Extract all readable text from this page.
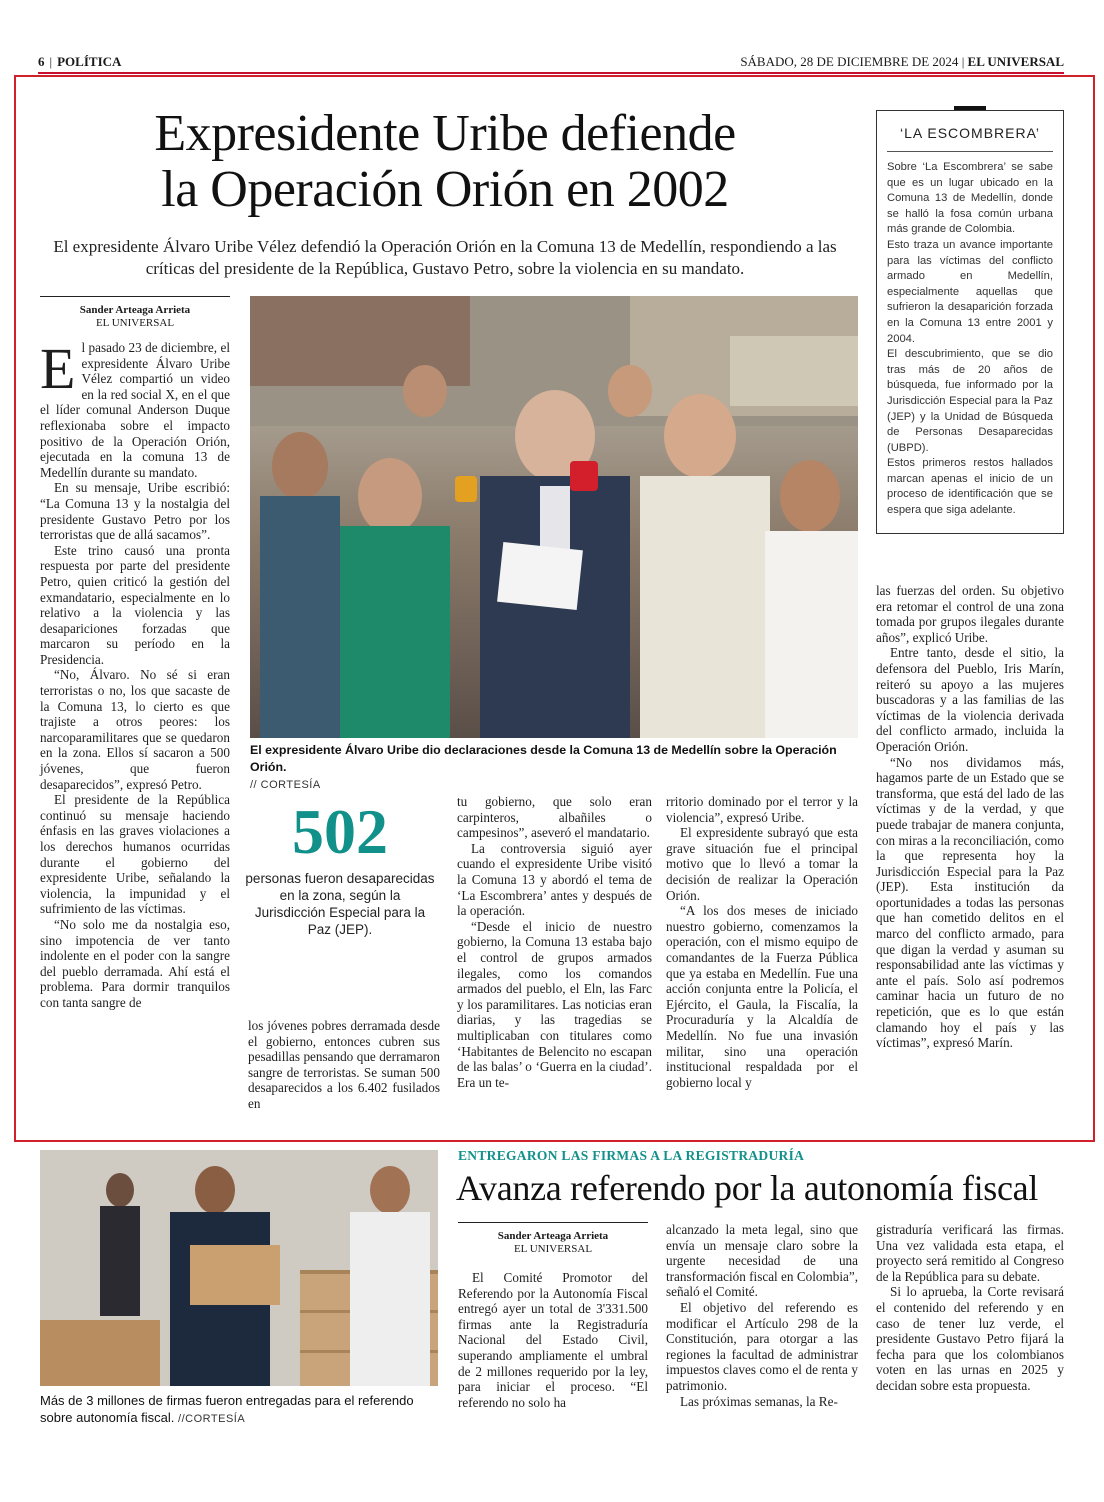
6 | POLÍTICA	SÁBADO, 28 DE DICIEMBRE DE 2024 | EL UNIVERSAL
Expresidente Uribe defiende
la Operación Orión en 2002
El expresidente Álvaro Uribe Vélez defendió la Operación Orión en la Comuna 13 de Medellín, respondiendo a las críticas del presidente de la República, Gustavo Petro, sobre la violencia en su mandato.
Sander Arteaga Arrieta
EL UNIVERSAL

El pasado 23 de diciembre, el expresidente Álvaro Uribe Vélez compartió un video en la red social X, en el que el líder comunal Anderson Duque reflexionaba sobre el impacto positivo de la Operación Orión, ejecutada en la comuna 13 de Medellín durante su mandato.

En su mensaje, Uribe escribió: “La Comuna 13 y la nostalgia del presidente Gustavo Petro por los terroristas que de allá sacamos”.

Este trino causó una pronta respuesta por parte del presidente Petro, quien criticó la gestión del exmandatario, especialmente en lo relativo a la violencia y las desapariciones forzadas que marcaron su período en la Presidencia.

“No, Álvaro. No sé si eran terroristas o no, los que sacaste de la Comuna 13, lo cierto es que trajiste a otros peores: los narcoparamilitares que se quedaron en la zona. Ellos sí sacaron a 500 jóvenes, que fueron desaparecidos”, expresó Petro.

El presidente de la República continuó su mensaje haciendo énfasis en las graves violaciones a los derechos humanos ocurridas durante el gobierno del expresidente Uribe, señalando la violencia, la impunidad y el sufrimiento de las víctimas.

“No solo me da nostalgia eso, sino impotencia de ver tanto indolente en el poder con la sangre del pueblo derramada. Ahí está el problema. Para dormir tranquilos con tanta sangre de

El expresidente Álvaro Uribe dio declaraciones desde la Comuna 13 de Medellín sobre la Operación Orión.
// CORTESÍA
502
personas fueron desaparecidas en la zona, según la Jurisdicción Especial para la Paz (JEP).

los jóvenes pobres derramada desde el gobierno, entonces cubren sus pesadillas pensando que derramaron sangre de terroristas. Se suman 500 desaparecidos a los 6.402 fusilados en

tu gobierno, que solo eran carpinteros, albañiles o campesinos”, aseveró el mandatario.

La controversia siguió ayer cuando el expresidente Uribe visitó la Comuna 13 y abordó el tema de ‘La Escombrera’ antes y después de la operación.

“Desde el inicio de nuestro gobierno, la Comuna 13 estaba bajo el control de grupos armados ilegales, como los comandos armados del pueblo, el Eln, las Farc y los paramilitares. Las noticias eran diarias, y las tragedias se multiplicaban con titulares como ‘Habitantes de Belencito no escapan de las balas’ o ‘Guerra en la ciudad’. Era un te-

rritorio dominado por el terror y la violencia”, expresó Uribe.

El expresidente subrayó que esta grave situación fue el principal motivo que lo llevó a tomar la decisión de realizar la Operación Orión.

“A los dos meses de iniciado nuestro gobierno, comenzamos la operación, con el mismo equipo de comandantes de la Fuerza Pública que ya estaba en Medellín. Fue una acción conjunta entre la Policía, el Ejército, el Gaula, la Fiscalía, la Procuraduría y la Alcaldía de Medellín. No fue una invasión militar, sino una operación institucional respaldada por el gobierno local y

las fuerzas del orden. Su objetivo era retomar el control de una zona tomada por grupos ilegales durante años”, explicó Uribe.

Entre tanto, desde el sitio, la defensora del Pueblo, Iris Marín, reiteró su apoyo a las mujeres buscadoras y a las familias de las víctimas de la violencia derivada del conflicto armado, incluida la Operación Orión.

“No nos dividamos más, hagamos parte de un Estado que se transforma, que está del lado de las víctimas y de la verdad, y que puede trabajar de manera conjunta, con miras a la reconciliación, como la que representa hoy la Jurisdicción Especial para la Paz (JEP). Esta institución da oportunidades a todas las personas que han cometido delitos en el marco del conflicto armado, para que digan la verdad y asuman su responsabilidad ante las víctimas y ante el país. Solo así podremos caminar hacia un futuro de no repetición, que es lo que están clamando hoy el país y las víctimas”, expresó Marín.

‘LA ESCOMBRERA’
Sobre ‘La Escombrera’ se sabe que es un lugar ubicado en la Comuna 13 de Medellín, donde se halló la fosa común urbana más grande de Colombia.
Esto traza un avance importante para las víctimas del conflicto armado en Medellín, especialmente aquellas que sufrieron la desaparición forzada en la Comuna 13 entre 2001 y 2004.
El descubrimiento, que se dio tras más de 20 años de búsqueda, fue informado por la Jurisdicción Especial para la Paz (JEP) y la Unidad de Búsqueda de Personas Desaparecidas (UBPD).
Estos primeros restos hallados marcan apenas el inicio de un proceso de identificación que se espera que siga adelante.
Más de 3 millones de firmas fueron entregadas para el referendo sobre autonomía fiscal. //CORTESÍA
ENTREGARON LAS FIRMAS A LA REGISTRADURÍA
Avanza referendo por la autonomía fiscal
Sander Arteaga Arrieta
EL UNIVERSAL

El Comité Promotor del Referendo por la Autonomía Fiscal entregó ayer un total de 3'331.500 firmas ante la Registraduría Nacional del Estado Civil, superando ampliamente el umbral de 2 millones requerido por la ley, para iniciar el proceso. “El referendo no solo ha

alcanzado la meta legal, sino que envía un mensaje claro sobre la urgente necesidad de una transformación fiscal en Colombia”, señaló el Comité.

El objetivo del referendo es modificar el Artículo 298 de la Constitución, para otorgar a las regiones la facultad de administrar impuestos claves como el de renta y patrimonio.

Las próximas semanas, la Re-

gistraduría verificará las firmas. Una vez validada esta etapa, el proyecto será remitido al Congreso de la República para su debate.

Si lo aprueba, la Corte revisará el contenido del referendo y en caso de tener luz verde, el presidente Gustavo Petro fijará la fecha para que los colombianos voten en las urnas en 2025 y decidan sobre esta propuesta.
